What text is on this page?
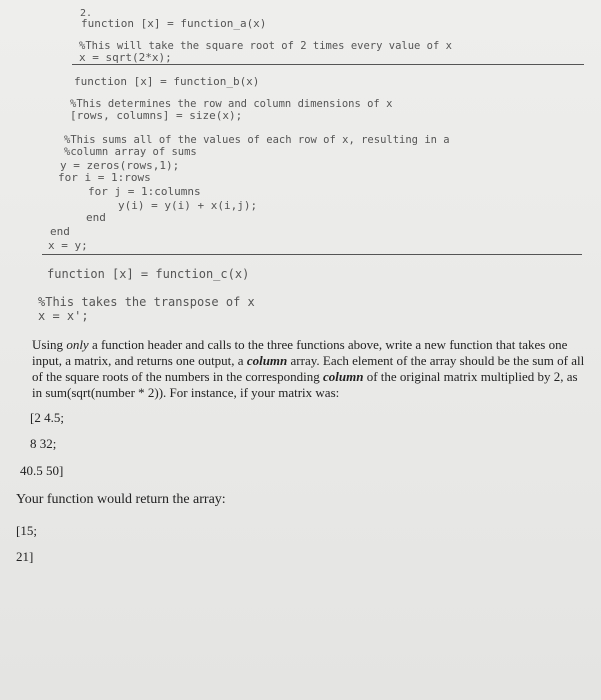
2.
function [x] = function_a(x)
%This will take the square root of 2 times every value of x
x = sqrt(2*x);
function [x] = function_b(x)
%This determines the row and column dimensions of x
[rows, columns] = size(x);
%This sums all of the values of each row of x, resulting in a
%column array of sums
y = zeros(rows,1);
for i = 1:rows
for j = 1:columns
y(i) = y(i) + x(i,j);
end
end
x = y;
function [x] = function_c(x)
%This takes the transpose of x
x = x';
Using only a function header and calls to the three functions above, write a new function that takes one input, a matrix, and returns one output, a column array. Each element of the array should be the sum of all of the square roots of the numbers in the corresponding column of the original matrix multiplied by 2, as in sum(sqrt(number * 2)). For instance, if your matrix was:
[2 4.5;
8 32;
40.5 50]
Your function would return the array:
[15;
21]
